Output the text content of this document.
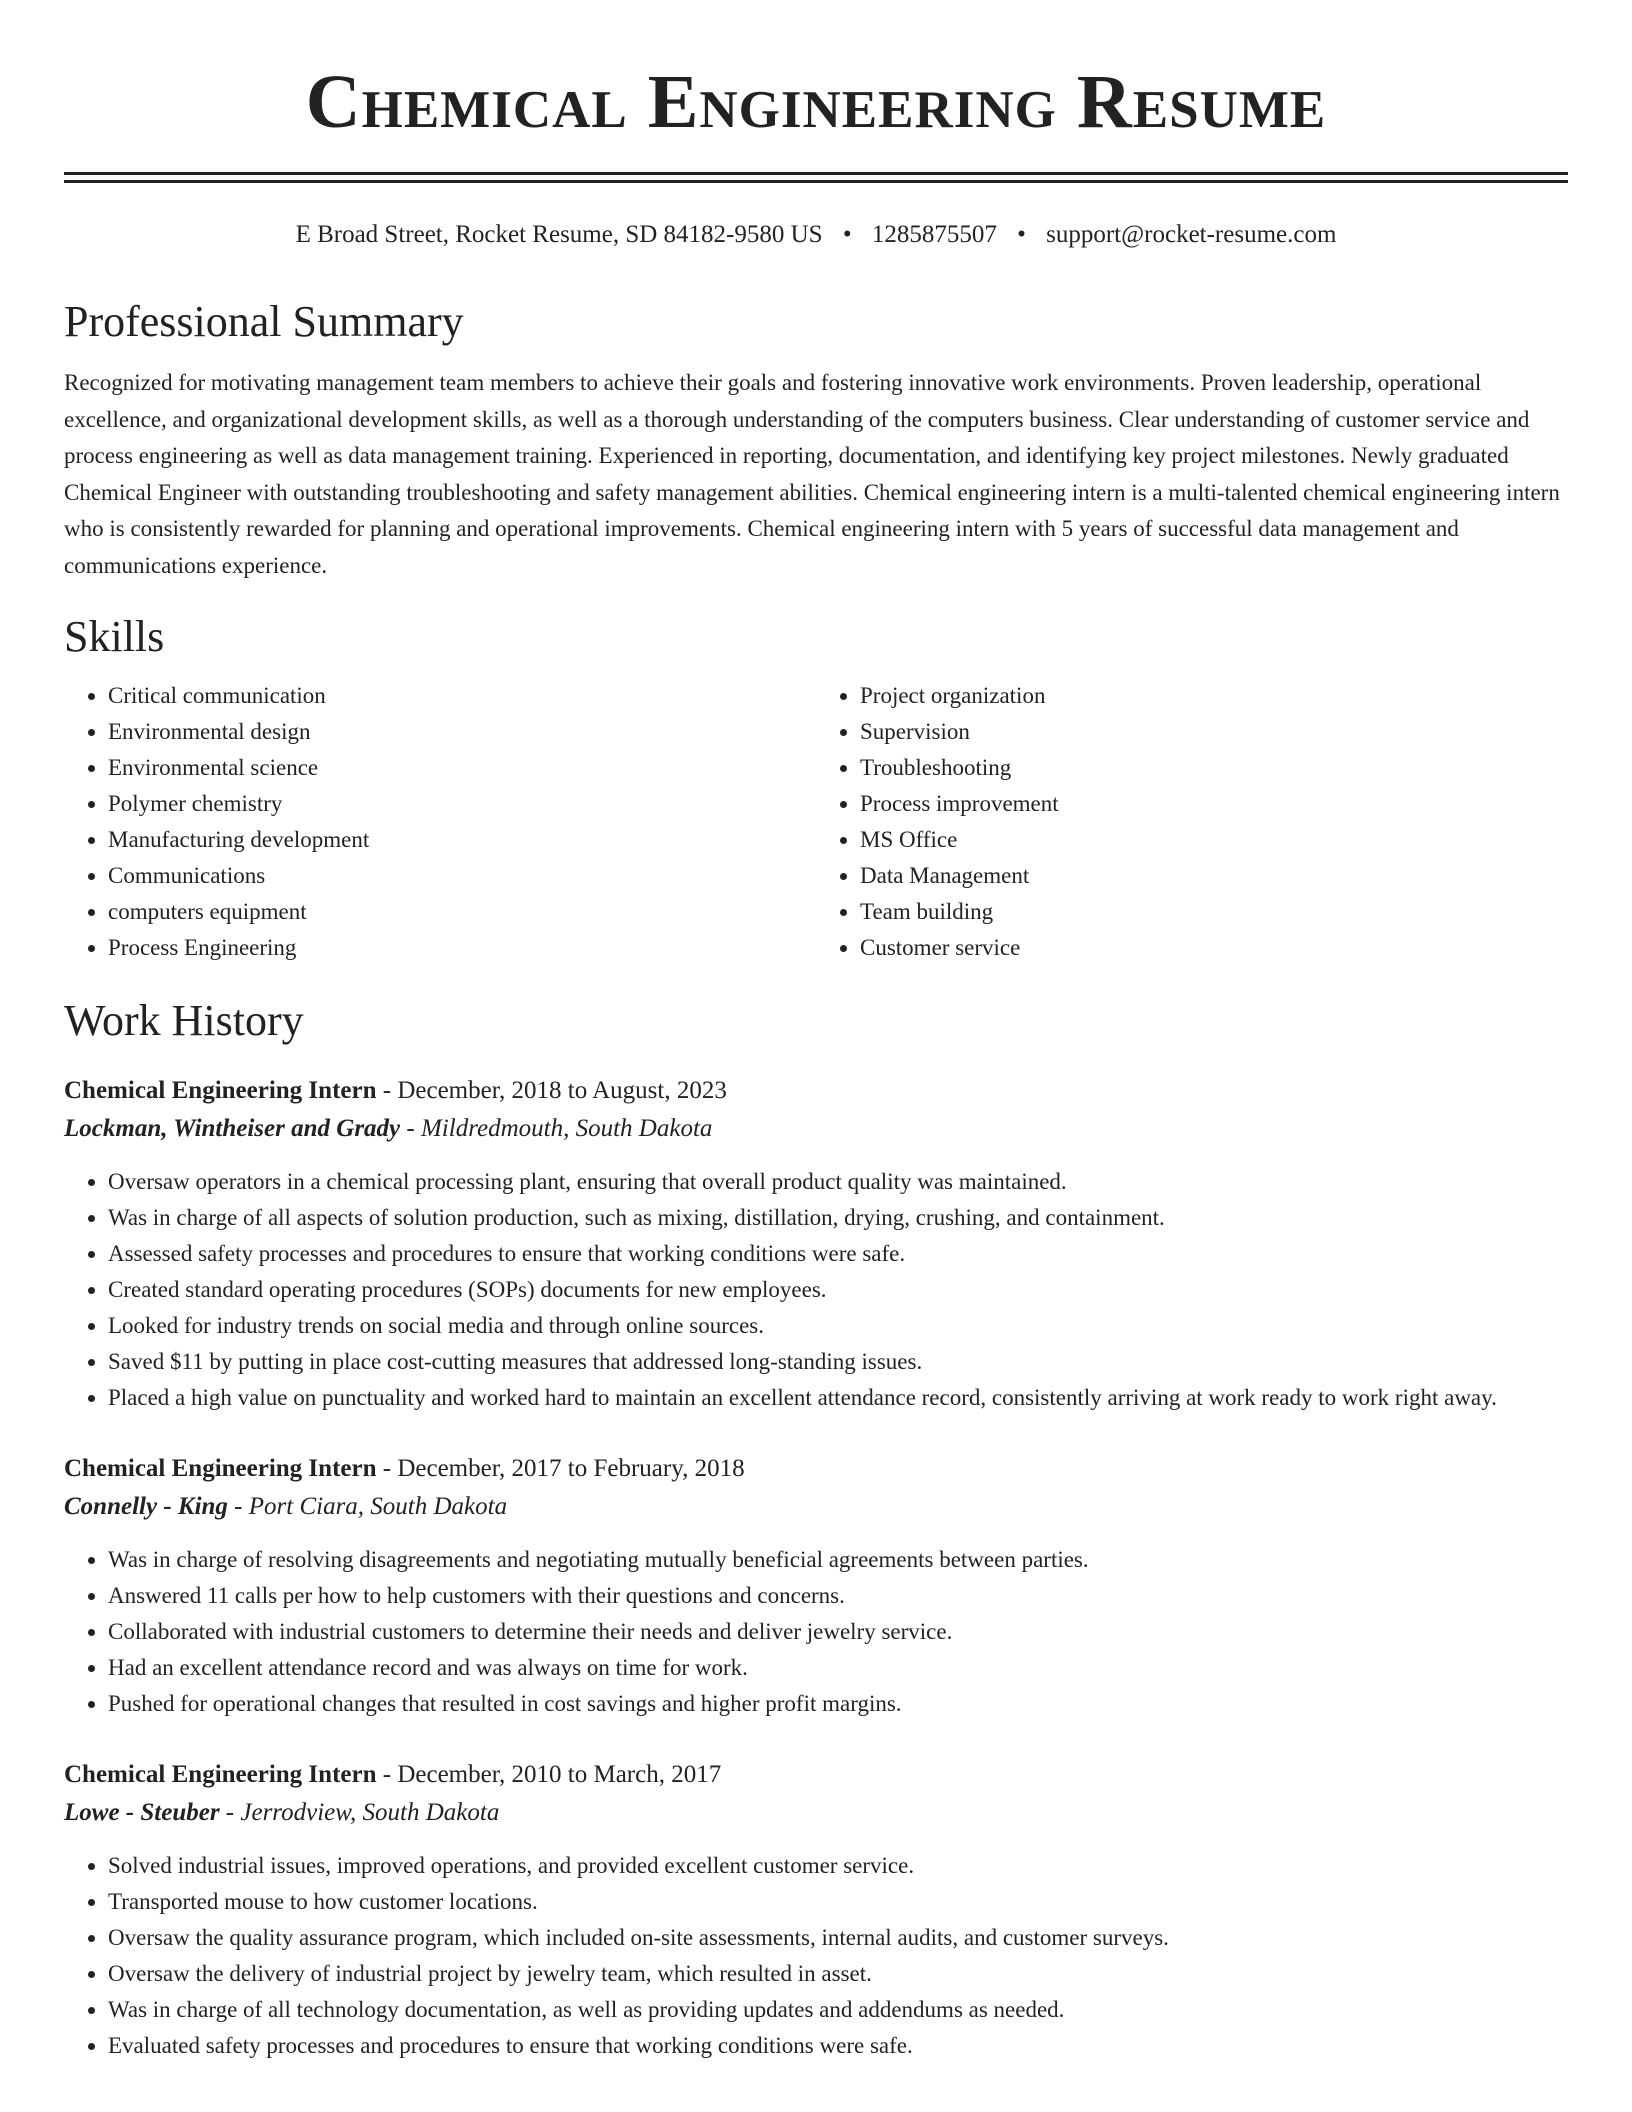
Chemical Engineering Resume
E Broad Street, Rocket Resume, SD 84182-9580 US • 1285875507 • support@rocket-resume.com
Professional Summary
Recognized for motivating management team members to achieve their goals and fostering innovative work environments. Proven leadership, operational excellence, and organizational development skills, as well as a thorough understanding of the computers business. Clear understanding of customer service and process engineering as well as data management training. Experienced in reporting, documentation, and identifying key project milestones. Newly graduated Chemical Engineer with outstanding troubleshooting and safety management abilities. Chemical engineering intern is a multi-talented chemical engineering intern who is consistently rewarded for planning and operational improvements. Chemical engineering intern with 5 years of successful data management and communications experience.
Skills
• Critical communication
• Environmental design
• Environmental science
• Polymer chemistry
• Manufacturing development
• Communications
• computers equipment
• Process Engineering
• Project organization
• Supervision
• Troubleshooting
• Process improvement
• MS Office
• Data Management
• Team building
• Customer service
Work History
Chemical Engineering Intern - December, 2018 to August, 2023
Lockman, Wintheiser and Grady - Mildredmouth, South Dakota
• Oversaw operators in a chemical processing plant, ensuring that overall product quality was maintained.
• Was in charge of all aspects of solution production, such as mixing, distillation, drying, crushing, and containment.
• Assessed safety processes and procedures to ensure that working conditions were safe.
• Created standard operating procedures (SOPs) documents for new employees.
• Looked for industry trends on social media and through online sources.
• Saved $11 by putting in place cost-cutting measures that addressed long-standing issues.
• Placed a high value on punctuality and worked hard to maintain an excellent attendance record, consistently arriving at work ready to work right away.
Chemical Engineering Intern - December, 2017 to February, 2018
Connelly - King - Port Ciara, South Dakota
• Was in charge of resolving disagreements and negotiating mutually beneficial agreements between parties.
• Answered 11 calls per how to help customers with their questions and concerns.
• Collaborated with industrial customers to determine their needs and deliver jewelry service.
• Had an excellent attendance record and was always on time for work.
• Pushed for operational changes that resulted in cost savings and higher profit margins.
Chemical Engineering Intern - December, 2010 to March, 2017
Lowe - Steuber - Jerrodview, South Dakota
• Solved industrial issues, improved operations, and provided excellent customer service.
• Transported mouse to how customer locations.
• Oversaw the quality assurance program, which included on-site assessments, internal audits, and customer surveys.
• Oversaw the delivery of industrial project by jewelry team, which resulted in asset.
• Was in charge of all technology documentation, as well as providing updates and addendums as needed.
• Evaluated safety processes and procedures to ensure that working conditions were safe.
